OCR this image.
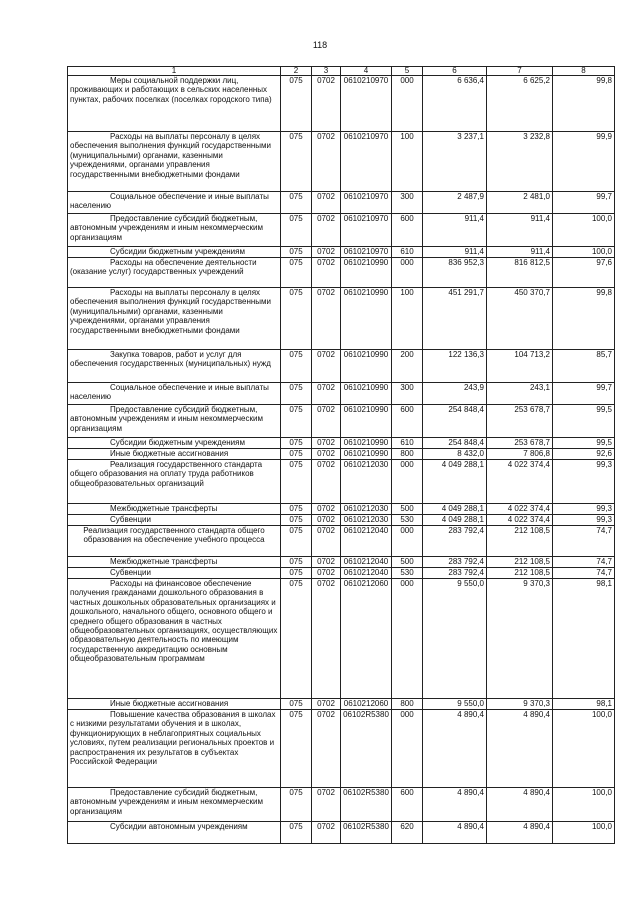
118
1	2	3	4	5	6	7	8
Меры социальной поддержки лиц, проживающих и работающих в сельских населенных пунктах, рабочих поселках (поселках городского типа)	075	0702	0610210970	000	6 636,4	6 625,2	99,8
Расходы на выплаты персоналу в целях обеспечения выполнения функций государственными (муниципальными) органами, казенными учреждениями, органами управления государственными внебюджетными фондами	075	0702	0610210970	100	3 237,1	3 232,8	99,9
Социальное обеспечение и иные выплаты населению	075	0702	0610210970	300	2 487,9	2 481,0	99,7
Предоставление субсидий бюджетным, автономным учреждениям и иным некоммерческим организациям	075	0702	0610210970	600	911,4	911,4	100,0
Субсидии бюджетным учреждениям	075	0702	0610210970	610	911,4	911,4	100,0
Расходы на обеспечение деятельности (оказание услуг) государственных учреждений	075	0702	0610210990	000	836 952,3	816 812,5	97,6
Расходы на выплаты персоналу в целях обеспечения выполнения функций государственными (муниципальными) органами, казенными учреждениями, органами управления государственными внебюджетными фондами	075	0702	0610210990	100	451 291,7	450 370,7	99,8
Закупка товаров, работ и услуг для обеспечения государственных (муниципальных) нужд	075	0702	0610210990	200	122 136,3	104 713,2	85,7
Социальное обеспечение и иные выплаты населению	075	0702	0610210990	300	243,9	243,1	99,7
Предоставление субсидий бюджетным, автономным учреждениям и иным некоммерческим организациям	075	0702	0610210990	600	254 848,4	253 678,7	99,5
Субсидии бюджетным учреждениям	075	0702	0610210990	610	254 848,4	253 678,7	99,5
Иные бюджетные ассигнования	075	0702	0610210990	800	8 432,0	7 806,8	92,6
Реализация государственного стандарта общего образования на оплату труда работников общеобразовательных организаций	075	0702	0610212030	000	4 049 288,1	4 022 374,4	99,3
Межбюджетные трансферты	075	0702	0610212030	500	4 049 288,1	4 022 374,4	99,3
Субвенции	075	0702	0610212030	530	4 049 288,1	4 022 374,4	99,3
Реализация государственного стандарта общего образования на обеспечение учебного процесса	075	0702	0610212040	000	283 792,4	212 108,5	74,7
Межбюджетные трансферты	075	0702	0610212040	500	283 792,4	212 108,5	74,7
Субвенции	075	0702	0610212040	530	283 792,4	212 108,5	74,7
Расходы на финансовое обеспечение получения гражданами дошкольного образования в частных дошкольных образовательных организациях и дошкольного, начального общего, основного общего и среднего общего образования в частных общеобразовательных организациях, осуществляющих образовательную деятельность по имеющим государственную аккредитацию основным общеобразовательным программам	075	0702	0610212060	000	9 550,0	9 370,3	98,1
Иные бюджетные ассигнования	075	0702	0610212060	800	9 550,0	9 370,3	98,1
Повышение качества образования в школах с низкими результатами обучения и в школах, функционирующих в неблагоприятных социальных условиях, путем реализации региональных проектов и распространения их результатов в субъектах Российской Федерации	075	0702	06102R5380	000	4 890,4	4 890,4	100,0
Предоставление субсидий бюджетным, автономным учреждениям и иным некоммерческим организациям	075	0702	06102R5380	600	4 890,4	4 890,4	100,0
Субсидии автономным учреждениям	075	0702	06102R5380	620	4 890,4	4 890,4	100,0
